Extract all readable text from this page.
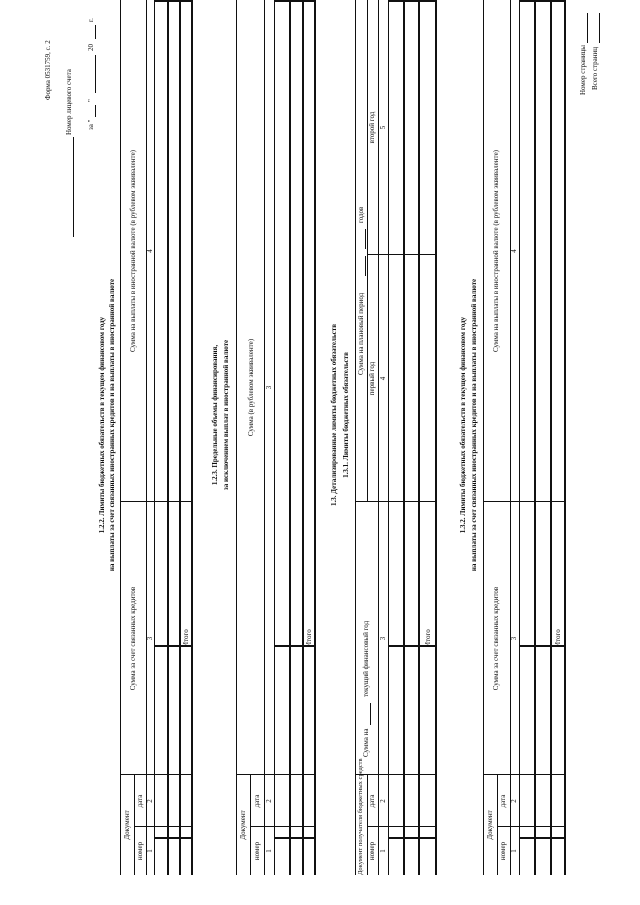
Форма 0531759, с. 2 Номер лицевого счета за "
"
20
г.
1.2.2. Лимиты бюджетных обязательств в текущем финансовом году на выплаты за счет связанных иностранных кредитов и на выплаты в иностранной валюте
Документ
номер
дата
Сумма за счет связанных кредитов
Сумма на выплаты в иностранной валюте (в рублевом эквиваленте)
1
2
3
4
Итого
1.2.3. Предельные объемы финансирования, за исключением выплат в иностранной валюте
Документ
номер
дата
Сумма (в рублевом эквиваленте)
1
2
3
Итого
1.3. Детализированные лимиты бюджетных обязательств 1.3.1. Лимиты бюджетных обязательств
Документ получателя бюджетных средств номер
дата
Сумма на
текущий финансовый год
Сумма на плановый период
годов
первый год
второй год
1
2
3
4
5
Итого
1.3.2. Лимиты бюджетных обязательств в текущем финансовом году на выплаты за счет связанных иностранных кредитов и на выплаты в иностранной валюте
Документ
номер
дата
Сумма за счет связанных кредитов
Сумма на выплаты в иностранной валюте (в рублевом эквиваленте)
1
2
3
4
Итого
Номер страницы Всего страниц
